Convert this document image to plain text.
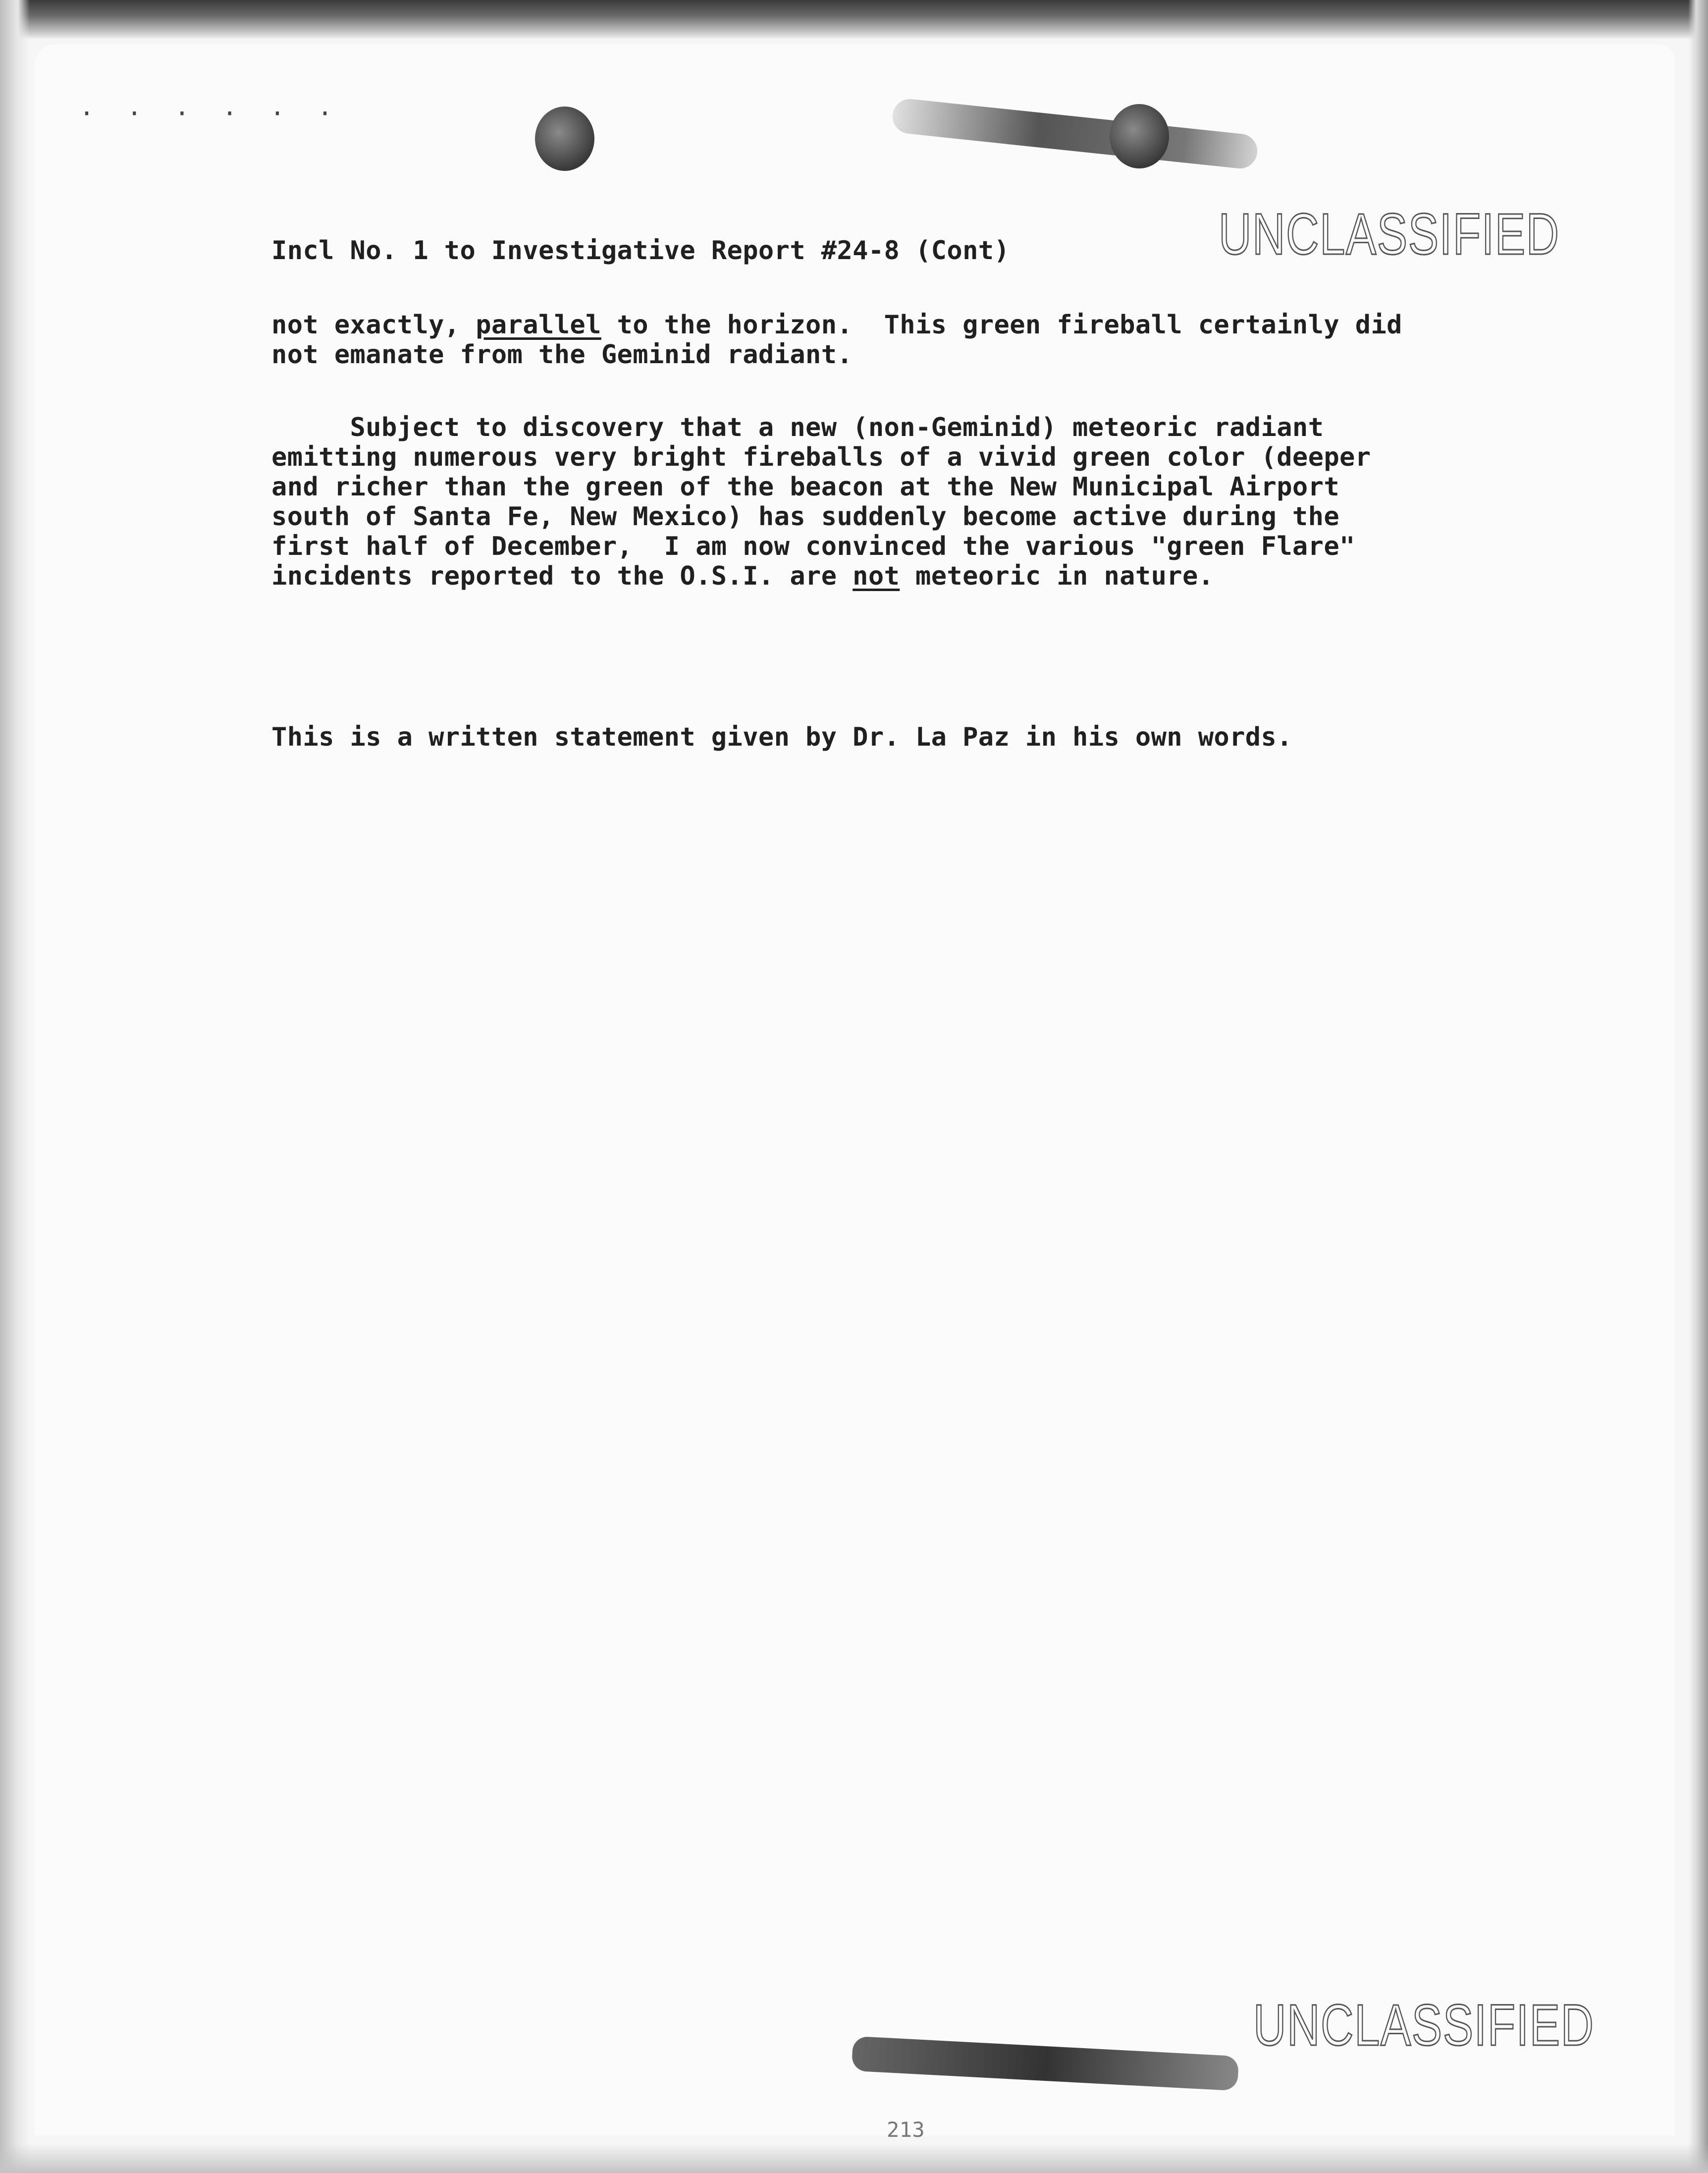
· · · · · ·
Incl No. 1 to Investigative Report #24-8 (Cont)	UNCLASSIFIED
not exactly, parallel to the horizon.  This green fireball certainly did
not emanate from the Geminid radiant.
Subject to discovery that a new (non-Geminid) meteoric radiant
emitting numerous very bright fireballs of a vivid green color (deeper
and richer than the green of the beacon at the New Municipal Airport
south of Santa Fe, New Mexico) has suddenly become active during the
first half of December,  I am now convinced the various "green Flare"
incidents reported to the O.S.I. are not meteoric in nature.
This is a written statement given by Dr. La Paz in his own words.
UNCLASSIFIED
213
